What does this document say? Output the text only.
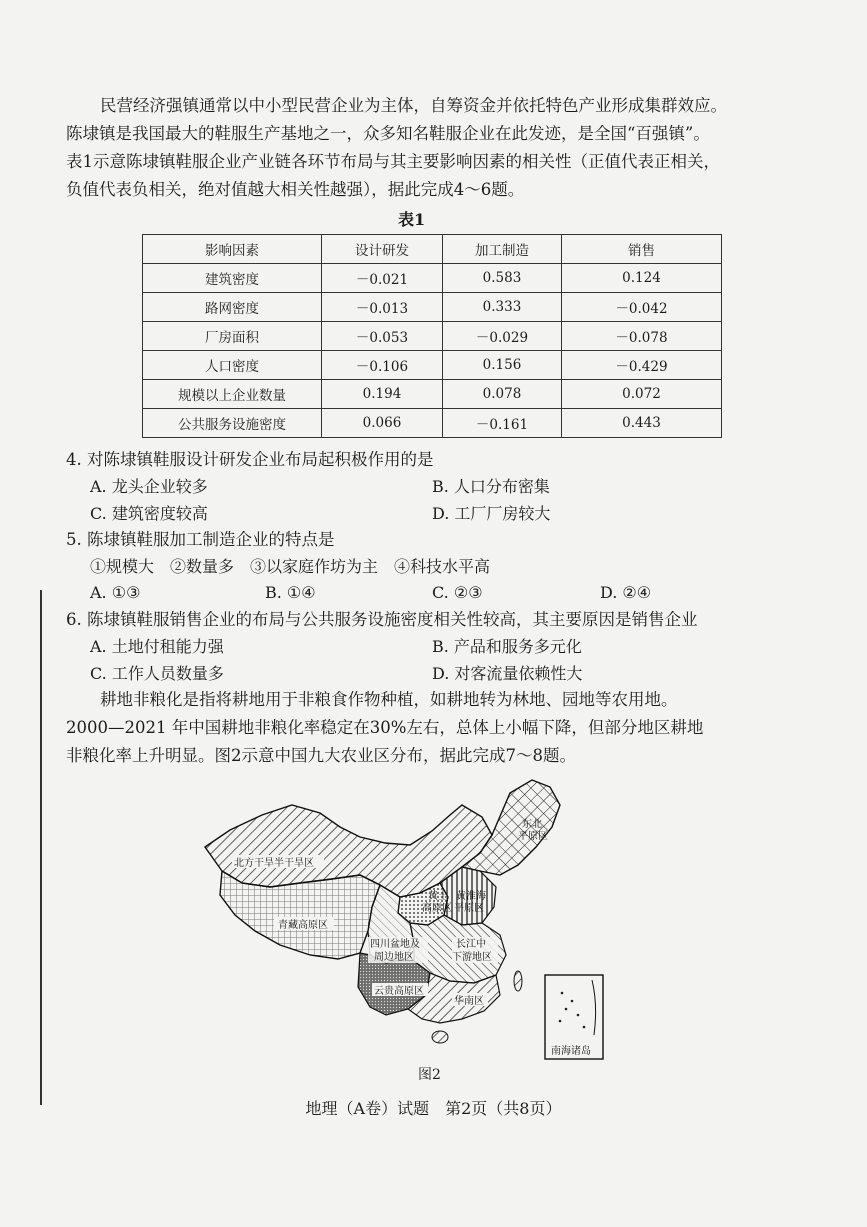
民营经济强镇通常以中小型民营企业为主体，自筹资金并依托特色产业形成集群效应。
陈埭镇是我国最大的鞋服生产基地之一，众多知名鞋服企业在此发迹，是全国“百强镇”。
表1示意陈埭镇鞋服企业产业链各环节布局与其主要影响因素的相关性（正值代表正相关，
负值代表负相关，绝对值越大相关性越强），据此完成4～6题。

表1
影响因素	设计研发	加工制造	销售
建筑密度	－0.021	0.583	0.124
路网密度	－0.013	0.333	－0.042
厂房面积	－0.053	－0.029	－0.078
人口密度	－0.106	0.156	－0.429
规模以上企业数量	0.194	0.078	0.072
公共服务设施密度	0.066	－0.161	0.443
4. 对陈埭镇鞋服设计研发企业布局起积极作用的是
A. 龙头企业较多	B. 人口分布密集
C. 建筑密度较高	D. 工厂厂房较大
5. 陈埭镇鞋服加工制造企业的特点是
①规模大　②数量多　③以家庭作坊为主　④科技水平高
A. ①③	B. ①④	C. ②③	D. ②④
6. 陈埭镇鞋服销售企业的布局与公共服务设施密度相关性较高，其主要原因是销售企业
A. 土地付租能力强	B. 产品和服务多元化
C. 工作人员数量多	D. 对客流量依赖性大

耕地非粮化是指将耕地用于非粮食作物种植，如耕地转为林地、园地等农用地。
2000—2021 年中国耕地非粮化率稳定在30%左右，总体上小幅下降，但部分地区耕地
非粮化率上升明显。图2示意中国九大农业区分布，据此完成7～8题。

东北
平原区
北方干旱半干旱区
青藏高原区
黄土
高原区
黄淮海
平原区
四川盆地及
周边地区
长江中
下游地区
云贵高原区
华南区
南海诸岛
图2
地理（A卷）试题　第2页（共8页）
